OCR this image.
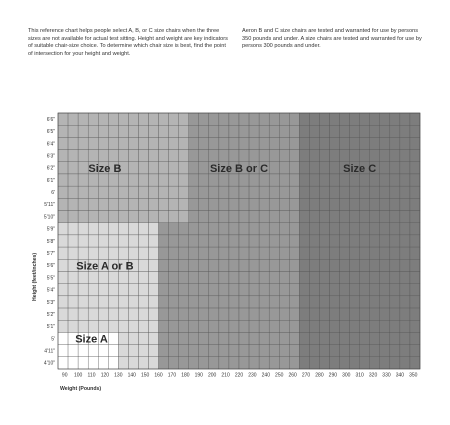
This reference chart helps people select A, B, or C size chairs when the three sizes are not available for actual test sitting. Height and weight are key indicators of suitable chair-size choice. To determine which chair size is best, find the point of intersection for your height and weight.
Aeron B and C size chairs are tested and warranted for use by persons 350 pounds and under. A size chairs are tested and warranted for use by persons 300 pounds and under.
6'6"
6'5"
6'4"
6'3"
6'2"
6'1"
6'
5'11"
5'10"
5'9"
5'8"
5'7"
5'6"
5'5"
5'4"
5'3"
5'2"
5'1"
5'
4'11"
4'10"
90 100 110 120 130 140 150 160 170 180 190 200 210 220 230 240 250 260 270 280 290 300 310 320 330 340 350
Weight (Pounds)
Height (feet/inches)
Size A
Size A or B
Size B	Size B or C	Size C
